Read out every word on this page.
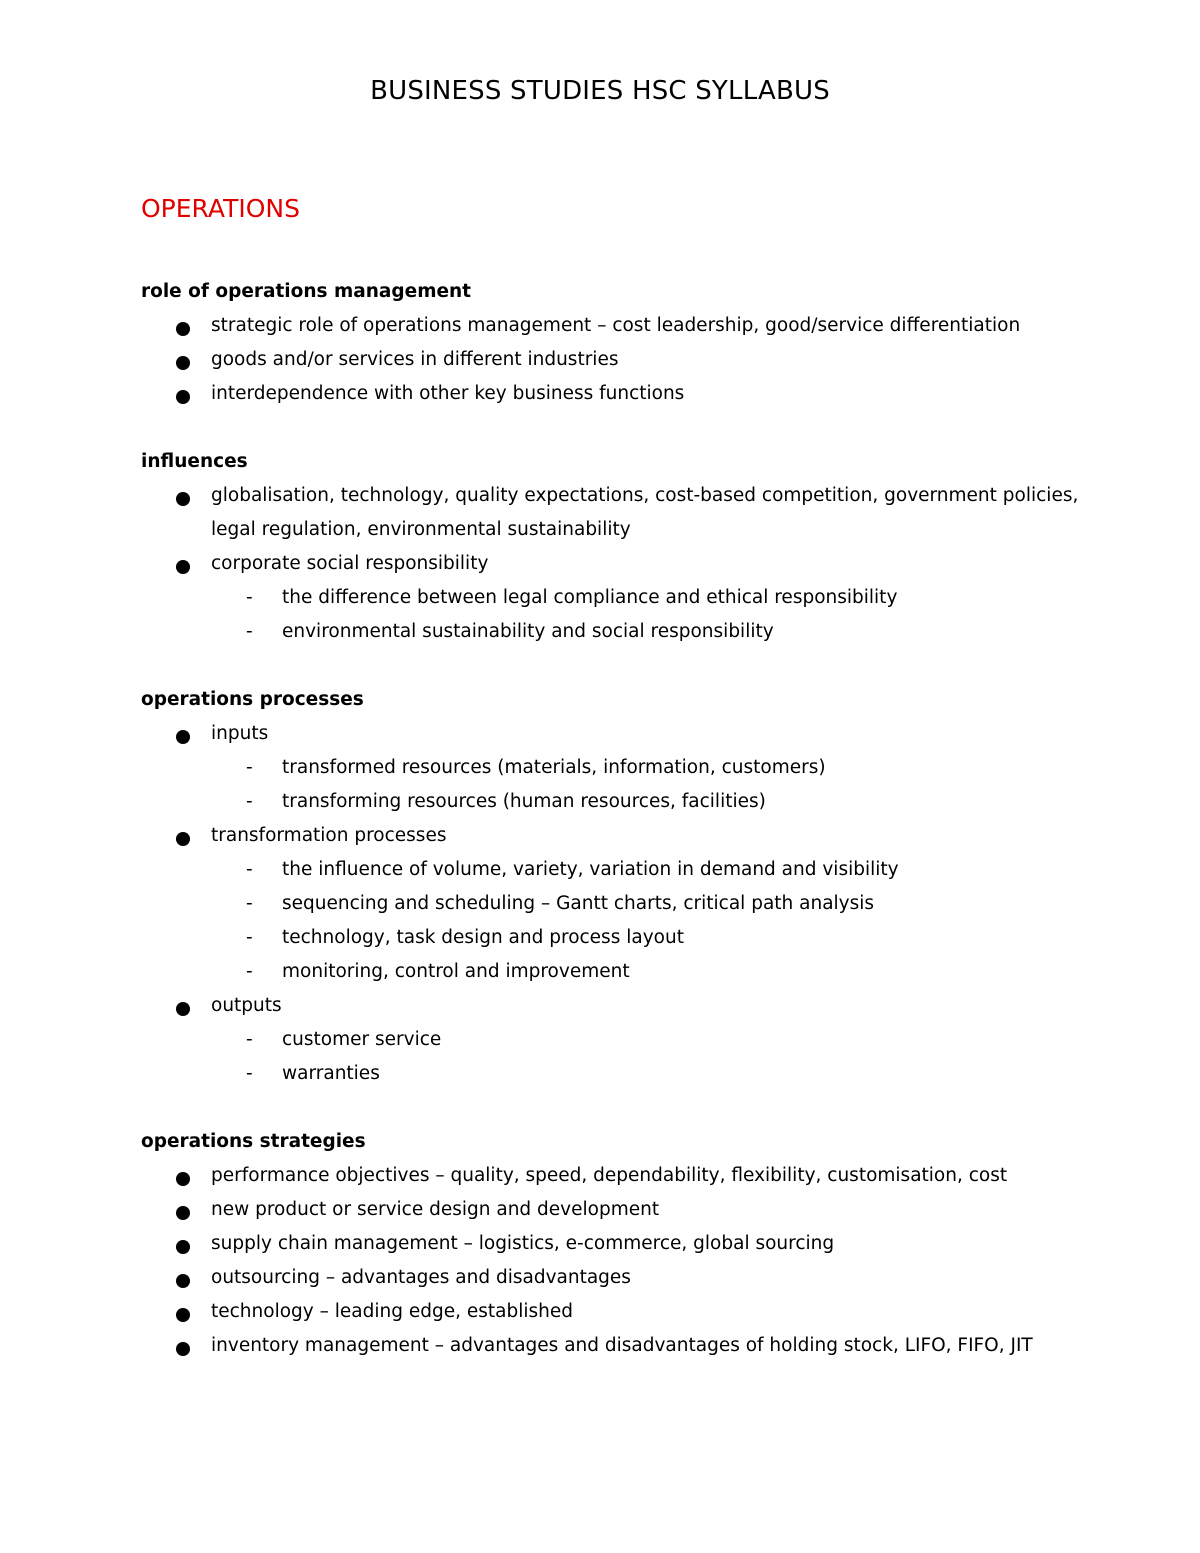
BUSINESS STUDIES HSC SYLLABUS
OPERATIONS
role of operations management
strategic role of operations management – cost leadership, good/service differentiation
goods and/or services in different industries
interdependence with other key business functions
influences
globalisation, technology, quality expectations, cost-based competition, government policies, legal regulation, environmental sustainability
corporate social responsibility
- the difference between legal compliance and ethical responsibility
- environmental sustainability and social responsibility
operations processes
inputs
- transformed resources (materials, information, customers)
- transforming resources (human resources, facilities)
transformation processes
- the influence of volume, variety, variation in demand and visibility
- sequencing and scheduling – Gantt charts, critical path analysis
- technology, task design and process layout
- monitoring, control and improvement
outputs
- customer service
- warranties
operations strategies
performance objectives – quality, speed, dependability, flexibility, customisation, cost
new product or service design and development
supply chain management – logistics, e-commerce, global sourcing
outsourcing – advantages and disadvantages
technology – leading edge, established
inventory management – advantages and disadvantages of holding stock, LIFO, FIFO, JIT
